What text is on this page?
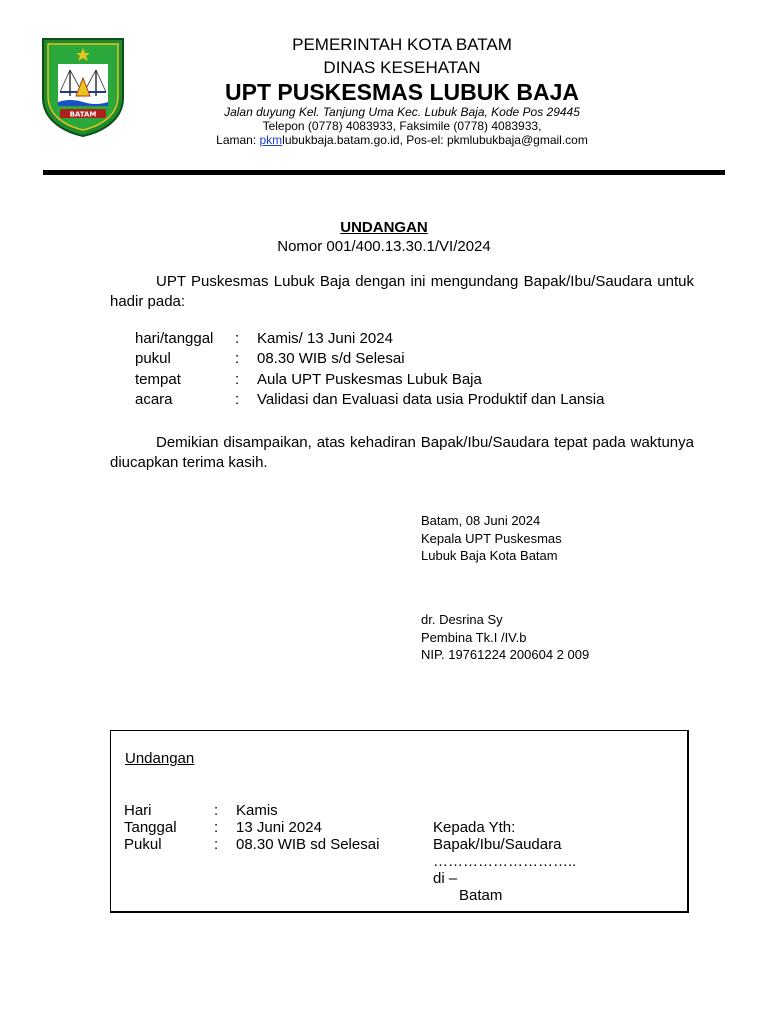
BATAM
PEMERINTAH KOTA BATAM
DINAS KESEHATAN
UPT PUSKESMAS LUBUK BAJA
Jalan duyung Kel. Tanjung Uma Kec. Lubuk Baja, Kode Pos 29445
Telepon (0778) 4083933, Faksimile (0778) 4083933,
Laman: pkmlubukbaja.batam.go.id, Pos-el: pkmlubukbaja@gmail.com
UNDANGAN
Nomor 001/400.13.30.1/VI/2024
UPT Puskesmas Lubuk Baja dengan ini mengundang Bapak/Ibu/Saudara untuk hadir pada:
hari/tanggal	:	Kamis/ 13 Juni 2024
pukul	:	08.30 WIB s/d Selesai
tempat	:	Aula UPT Puskesmas Lubuk Baja
acara	:	Validasi dan Evaluasi data usia Produktif dan Lansia
Demikian disampaikan, atas kehadiran Bapak/Ibu/Saudara tepat pada waktunya diucapkan terima kasih.
Batam, 08 Juni 2024
Kepala UPT Puskesmas
Lubuk Baja Kota Batam
dr. Desrina Sy
Pembina Tk.I /IV.b
NIP. 19761224 200604 2 009
Undangan
Hari	:	Kamis
Tanggal	:	13 Juni 2024
Pukul	:	08.30 WIB sd Selesai
Kepada Yth:
Bapak/Ibu/Saudara
………………………..
di –
Batam
